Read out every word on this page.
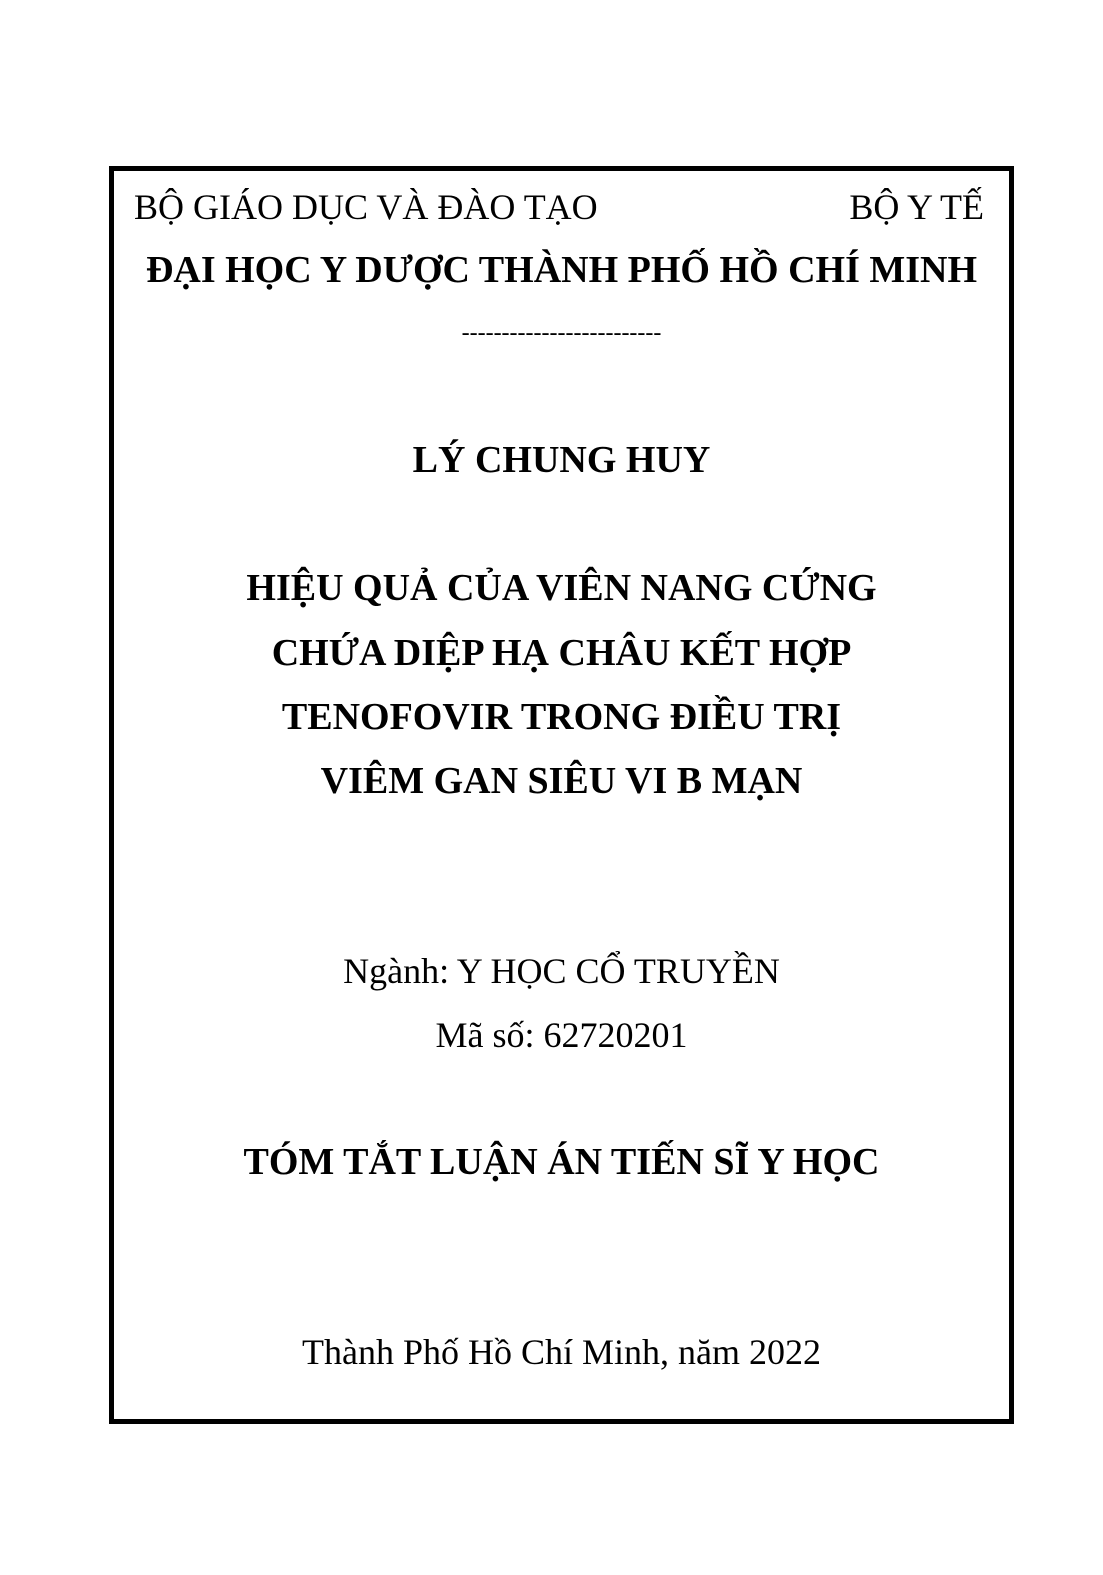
BỘ GIÁO DỤC VÀ ĐÀO TẠO	BỘ Y TẾ
ĐẠI HỌC Y DƯỢC THÀNH PHỐ HỒ CHÍ MINH
-------------------------
LÝ CHUNG HUY
HIỆU QUẢ CỦA VIÊN NANG CỨNG
CHỨA DIỆP HẠ CHÂU KẾT HỢP
TENOFOVIR TRONG ĐIỀU TRỊ
VIÊM GAN SIÊU VI B MẠN
Ngành: Y HỌC CỔ TRUYỀN
Mã số: 62720201
TÓM TẮT LUẬN ÁN TIẾN SĨ Y HỌC
Thành Phố Hồ Chí Minh, năm 2022
